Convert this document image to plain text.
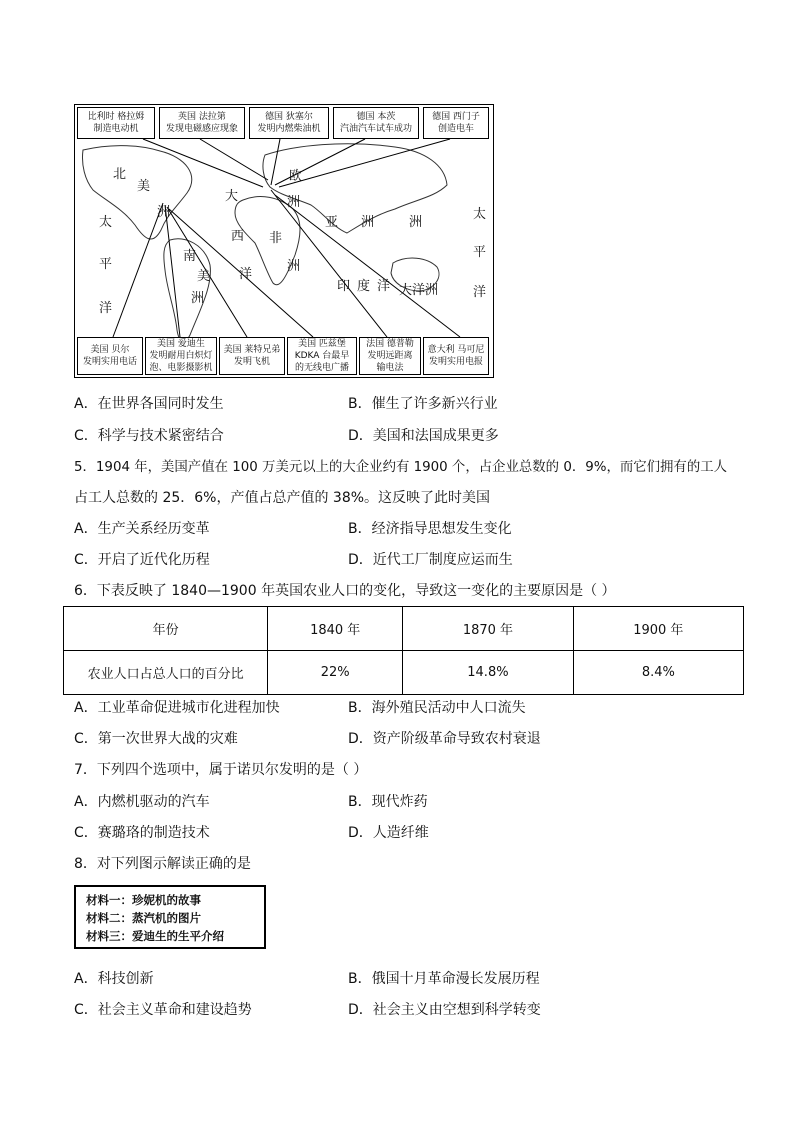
比利时 格拉姆
制造电动机
英国 法拉第
发现电磁感应现象
德国 狄塞尔
发明内燃柴油机
德国 本茨
汽油汽车试车成功
德国 西门子
创造电车
美国 贝尔
发明实用电话
美国 爱迪生
发明耐用白炽灯
泡、电影摄影机
美国 莱特兄弟
发明飞机
美国 匹兹堡
KDKA 台最早
的无线电广播
法国 德普勒
发明远距离
输电法
意大利 马可尼
发明实用电报
北
美
洲
太
平
洋
大
西
洋
南
美
洲
欧
洲
亚 洲	洲
非
洲
印 度 洋 大洋洲
太
平
洋
A．在世界各国同时发生	B．催生了许多新兴行业
C．科学与技术紧密结合	D．美国和法国成果更多
5．1904 年，美国产值在 100 万美元以上的大企业约有 1900 个，占企业总数的 0．9%，而它们拥有的工人
占工人总数的 25．6%，产值占总产值的 38%。这反映了此时美国
A．生产关系经历变革	B．经济指导思想发生变化
C．开启了近代化历程	D．近代工厂制度应运而生
6．下表反映了 1840—1900 年英国农业人口的变化，导致这一变化的主要原因是（ ）
年份	1840 年	1870 年	1900 年
农业人口占总人口的百分比	22%	14.8%	8.4%
A．工业革命促进城市化进程加快	B．海外殖民活动中人口流失
C．第一次世界大战的灾难	D．资产阶级革命导致农村衰退
7．下列四个选项中，属于诺贝尔发明的是（ ）
A．内燃机驱动的汽车	B．现代炸药
C．赛璐珞的制造技术	D．人造纤维
8．对下列图示解读正确的是
材料一：珍妮机的故事
材料二：蒸汽机的图片
材料三：爱迪生的生平介绍
A．科技创新	B．俄国十月革命漫长发展历程
C．社会主义革命和建设趋势	D．社会主义由空想到科学转变
